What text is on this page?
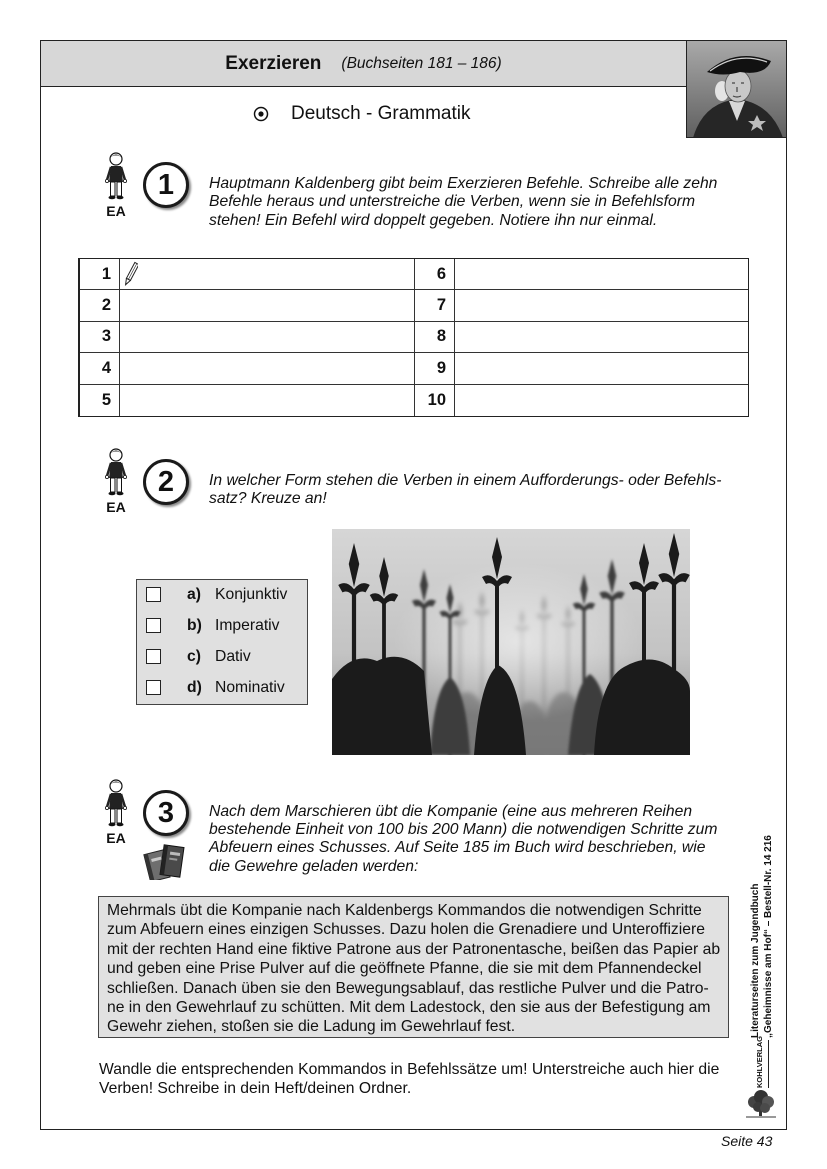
Exerzieren (Buchseiten 181 – 186)
Deutsch - Grammatik
EA
1 Hauptmann Kaldenberg gibt beim Exerzieren Befehle. Schreibe alle zehn
Befehle heraus und unterstreiche die Verben, wenn sie in Befehlsform
stehen! Ein Befehl wird doppelt gegeben. Notiere ihn nur einmal.
1	6
2	7
3	8
4	9
5	10
EA
2 In welcher Form stehen die Verben in einem Aufforderungs- oder Befehls-
satz? Kreuze an!
a) Konjunktiv
b) Imperativ
c) Dativ
d) Nominativ
EA
3 Nach dem Marschieren übt die Kompanie (eine aus mehreren Reihen
bestehende Einheit von 100 bis 200 Mann) die notwendigen Schritte zum
Abfeuern eines Schusses. Auf Seite 185 im Buch wird beschrieben, wie
die Gewehre geladen werden:
Mehrmals übt die Kompanie nach Kaldenbergs Kommandos die notwendigen Schritte
zum Abfeuern eines einzigen Schusses. Dazu holen die Grenadiere und Unteroffiziere
mit der rechten Hand eine fiktive Patrone aus der Patronentasche, beißen das Papier ab
und geben eine Prise Pulver auf die geöffnete Pfanne, die sie mit dem Pfannendeckel
schließen. Danach üben sie den Bewegungsablauf, das restliche Pulver und die Patro-
ne in den Gewehrlauf zu schütten. Mit dem Ladestock, den sie aus der Befestigung am
Gewehr ziehen, stoßen sie die Ladung im Gewehrlauf fest.
Wandle die entsprechenden Kommandos in Befehlssätze um! Unterstreiche auch hier die
Verben! Schreibe in dein Heft/deinen Ordner.
Literaturseiten zum Jugendbuch „Geheimnisse am Hof“ – Bestell-Nr. 14 216
KOHLVERLAG
Seite 43
